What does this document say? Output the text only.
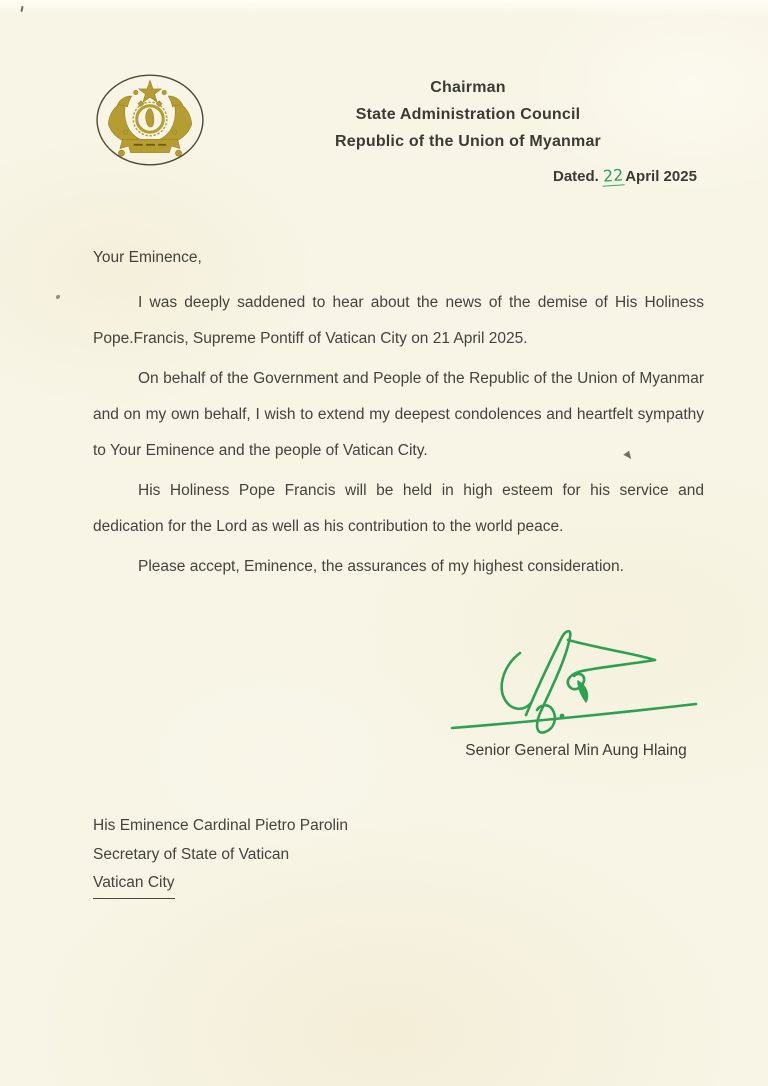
Chairman
State Administration Council
Republic of the Union of Myanmar
Dated. 22April 2025
Your Eminence,

I was deeply saddened to hear about the news of the demise of His Holiness Pope.Francis, Supreme Pontiff of Vatican City on 21 April 2025.

On behalf of the Government and People of the Republic of the Union of Myanmar and on my own behalf, I wish to extend my deepest condolences and heartfelt sympathy to Your Eminence and the people of Vatican City.

His Holiness Pope Francis will be held in high esteem for his service and dedication for the Lord as well as his contribution to the world peace.

Please accept, Eminence, the assurances of my highest consideration.

Senior General Min Aung Hlaing
His Eminence Cardinal Pietro Parolin
Secretary of State of Vatican
Vatican City
